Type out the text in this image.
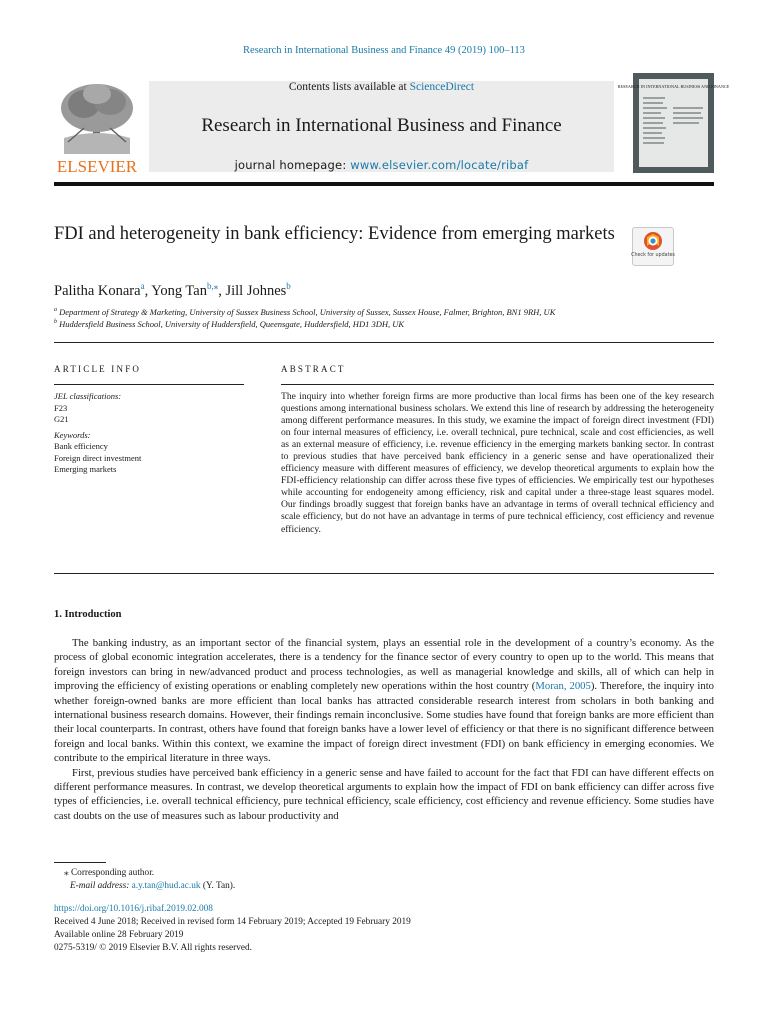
Research in International Business and Finance 49 (2019) 100–113
ELSEVIER
Contents lists available at ScienceDirect
Research in International Business and Finance
journal homepage: www.elsevier.com/locate/ribaf
RESEARCH IN INTERNATIONAL BUSINESS AND FINANCE
FDI and heterogeneity in bank efficiency: Evidence from emerging markets
Check for updates
Palitha Konara$^a$, Yong Tan$^{b,⁎}$, Jill Johnes$^b$
$^a$ Department of Strategy & Marketing, University of Sussex Business School, University of Sussex, Sussex House, Falmer, Brighton, BN1 9RH, UK
$^b$ Huddersfield Business School, University of Huddersfield, Queensgate, Huddersfield, HD1 3DH, UK
ARTICLE INFO
JEL classifications:
F23
G21
Keywords:
Bank efficiency
Foreign direct investment
Emerging markets
ABSTRACT
The inquiry into whether foreign firms are more productive than local firms has been one of the key research questions among international business scholars. We extend this line of research by addressing the heterogeneity among different performance measures. In this study, we examine the impact of foreign direct investment (FDI) on four internal measures of efficiency, i.e. overall technical, pure technical, scale and cost efficiencies, as well as an external measure of efficiency, i.e. revenue efficiency in the emerging markets banking sector. In contrast to previous studies that have perceived bank efficiency in a generic sense and have operationalized their efficiency measure with different measures of efficiency, we develop theoretical arguments to explain how the FDI-efficiency relationship can differ across these five types of efficiencies. We empirically test our hypotheses while accounting for endogeneity among efficiency, risk and capital under a three-stage least squares model. Our findings broadly suggest that foreign banks have an advantage in terms of overall technical efficiency and scale efficiency, but do not have an advantage in terms of pure technical efficiency, cost efficiency and revenue efficiency.
1. Introduction

The banking industry, as an important sector of the financial system, plays an essential role in the development of a country’s economy. As the process of global economic integration accelerates, there is a tendency for the finance sector of every country to open up to the world. This means that foreign investors can bring in new/advanced product and process technologies, as well as managerial knowledge and skills, all of which can help in improving the efficiency of existing operations or enabling completely new operations within the host country (Moran, 2005). Therefore, the inquiry into whether foreign-owned banks are more efficient than local banks has attracted considerable research interest from scholars in both banking and international business research domains. However, their findings remain inconclusive. Some studies have found that foreign banks are more efficient than their local counterparts. In contrast, others have found that foreign banks have a lower level of efficiency or that there is no significant difference between foreign and local banks. Within this context, we examine the impact of foreign direct investment (FDI) on bank efficiency in emerging economies. We contribute to the empirical literature in three ways.

First, previous studies have perceived bank efficiency in a generic sense and have failed to account for the fact that FDI can have different effects on different performance measures. In contrast, we develop theoretical arguments to explain how the impact of FDI on bank efficiency can differ across five types of efficiencies, i.e. overall technical efficiency, pure technical efficiency, scale efficiency, cost efficiency and revenue efficiency. Some studies have cast doubts on the use of measures such as labour productivity and

⁎ Corresponding author.
E-mail address: a.y.tan@hud.ac.uk (Y. Tan).
https://doi.org/10.1016/j.ribaf.2019.02.008
Received 4 June 2018; Received in revised form 14 February 2019; Accepted 19 February 2019
Available online 28 February 2019
0275-5319/ © 2019 Elsevier B.V. All rights reserved.
